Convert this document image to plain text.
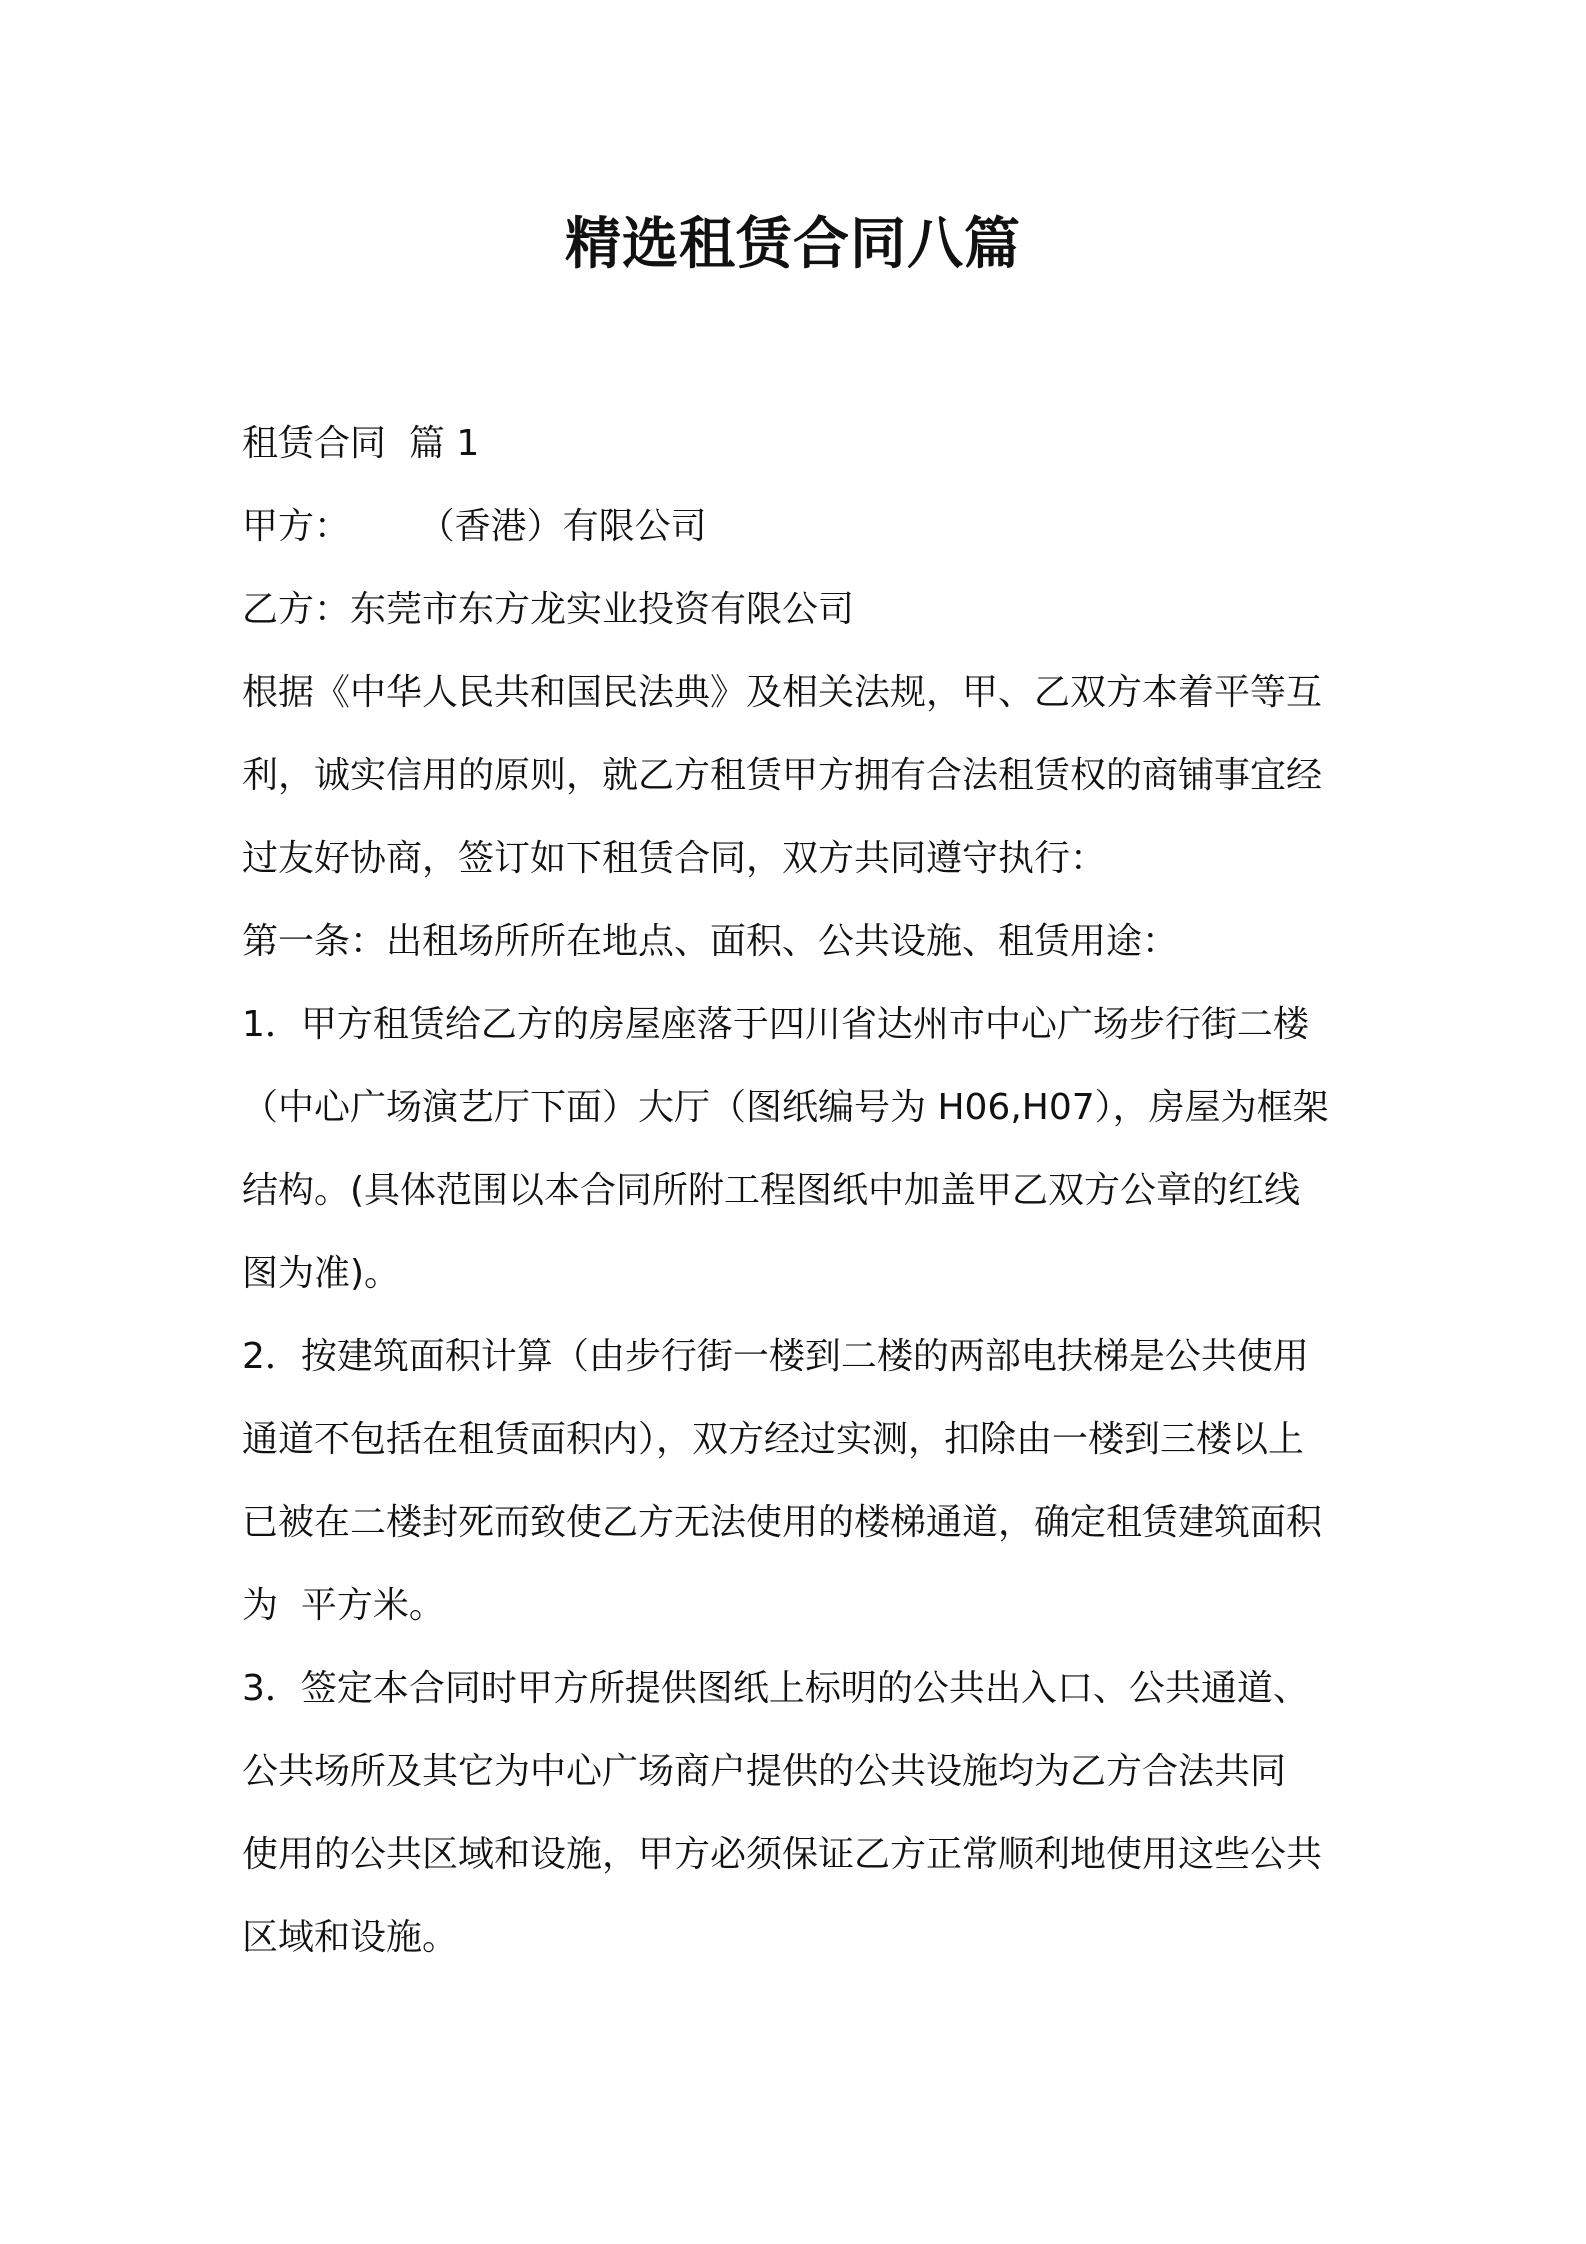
精选租赁合同八篇

租赁合同  篇 1

甲方：      （香港）有限公司

乙方：东莞市东方龙实业投资有限公司

根据《中华人民共和国民法典》及相关法规，甲、乙双方本着平等互

利，诚实信用的原则，就乙方租赁甲方拥有合法租赁权的商铺事宜经

过友好协商，签订如下租赁合同，双方共同遵守执行：

第一条：出租场所所在地点、面积、公共设施、租赁用途：

1．甲方租赁给乙方的房屋座落于四川省达州市中心广场步行街二楼

（中心广场演艺厅下面）大厅（图纸编号为 H06,H07），房屋为框架

结构。(具体范围以本合同所附工程图纸中加盖甲乙双方公章的红线

图为准)。

2．按建筑面积计算（由步行街一楼到二楼的两部电扶梯是公共使用

通道不包括在租赁面积内），双方经过实测，扣除由一楼到三楼以上

已被在二楼封死而致使乙方无法使用的楼梯通道，确定租赁建筑面积

为  平方米。

3．签定本合同时甲方所提供图纸上标明的公共出入口、公共通道、

公共场所及其它为中心广场商户提供的公共设施均为乙方合法共同

使用的公共区域和设施，甲方必须保证乙方正常顺利地使用这些公共

区域和设施。
